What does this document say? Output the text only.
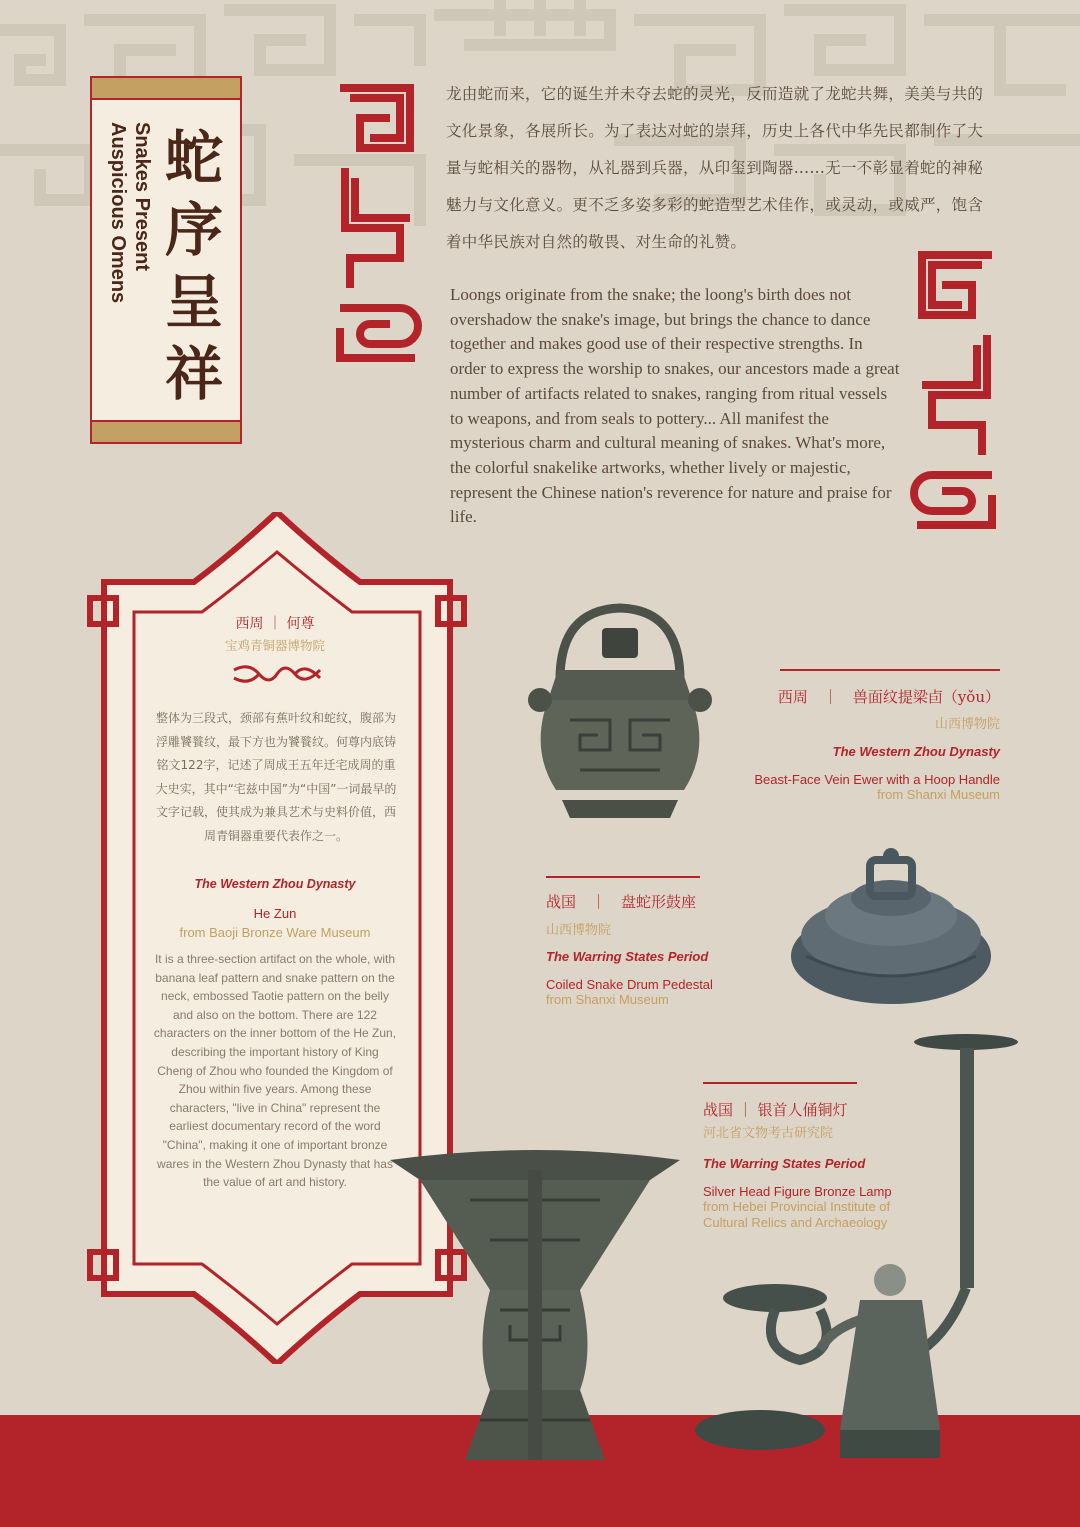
蛇
序
呈
祥
Snakes Present
Auspicious Omens
龙由蛇而来，它的诞生并未夺去蛇的灵光，反而造就了龙蛇共舞，美美与共的文化景象，各展所长。为了表达对蛇的崇拜，历史上各代中华先民都制作了大量与蛇相关的器物，从礼器到兵器，从印玺到陶器……无一不彰显着蛇的神秘魅力与文化意义。更不乏多姿多彩的蛇造型艺术佳作，或灵动，或威严，饱含着中华民族对自然的敬畏、对生命的礼赞。
Loongs originate from the snake; the loong's birth does not overshadow the snake's image, but brings the chance to dance together and makes good use of their respective strengths. In order to express the worship to snakes, our ancestors made a great number of artifacts related to snakes, ranging from ritual vessels to weapons, and from seals to pottery... All manifest the mysterious charm and cultural meaning of snakes. What's more, the colorful snakelike artworks, whether lively or majestic, represent the Chinese nation's reverence for nature and praise for life.
西周 ｜ 何尊
宝鸡青铜器博物院
整体为三段式，颈部有蕉叶纹和蛇纹，腹部为浮雕饕餮纹，最下方也为饕餮纹。何尊内底铸铭文122字，记述了周成王五年迁宅成周的重大史实，其中“宅兹中国”为“中国”一词最早的文字记载，使其成为兼具艺术与史料价值，西周青铜器重要代表作之一。
The Western Zhou Dynasty
He Zun
from Baoji Bronze Ware Museum
It is a three-section artifact on the whole, with banana leaf pattern and snake pattern on the neck, embossed Taotie pattern on the belly and also on the bottom. There are 122 characters on the inner bottom of the He Zun, describing the important history of King Cheng of Zhou who founded the Kingdom of Zhou within five years. Among these characters, "live in China" represent the earliest documentary record of the word "China", making it one of important bronze wares in the Western Zhou Dynasty that has the value of art and history.
西周　｜　兽面纹提梁卣（yǒu）
山西博物院
The Western Zhou Dynasty
Beast-Face Vein Ewer with a Hoop Handle
from Shanxi Museum
战国　｜　盘蛇形鼓座
山西博物院
The Warring States Period
Coiled Snake Drum Pedestal
from Shanxi Museum
战国 ｜ 银首人俑铜灯
河北省文物考古研究院
The Warring States Period
Silver Head Figure Bronze Lamp
from Hebei Provincial Institute of Cultural Relics and Archaeology
